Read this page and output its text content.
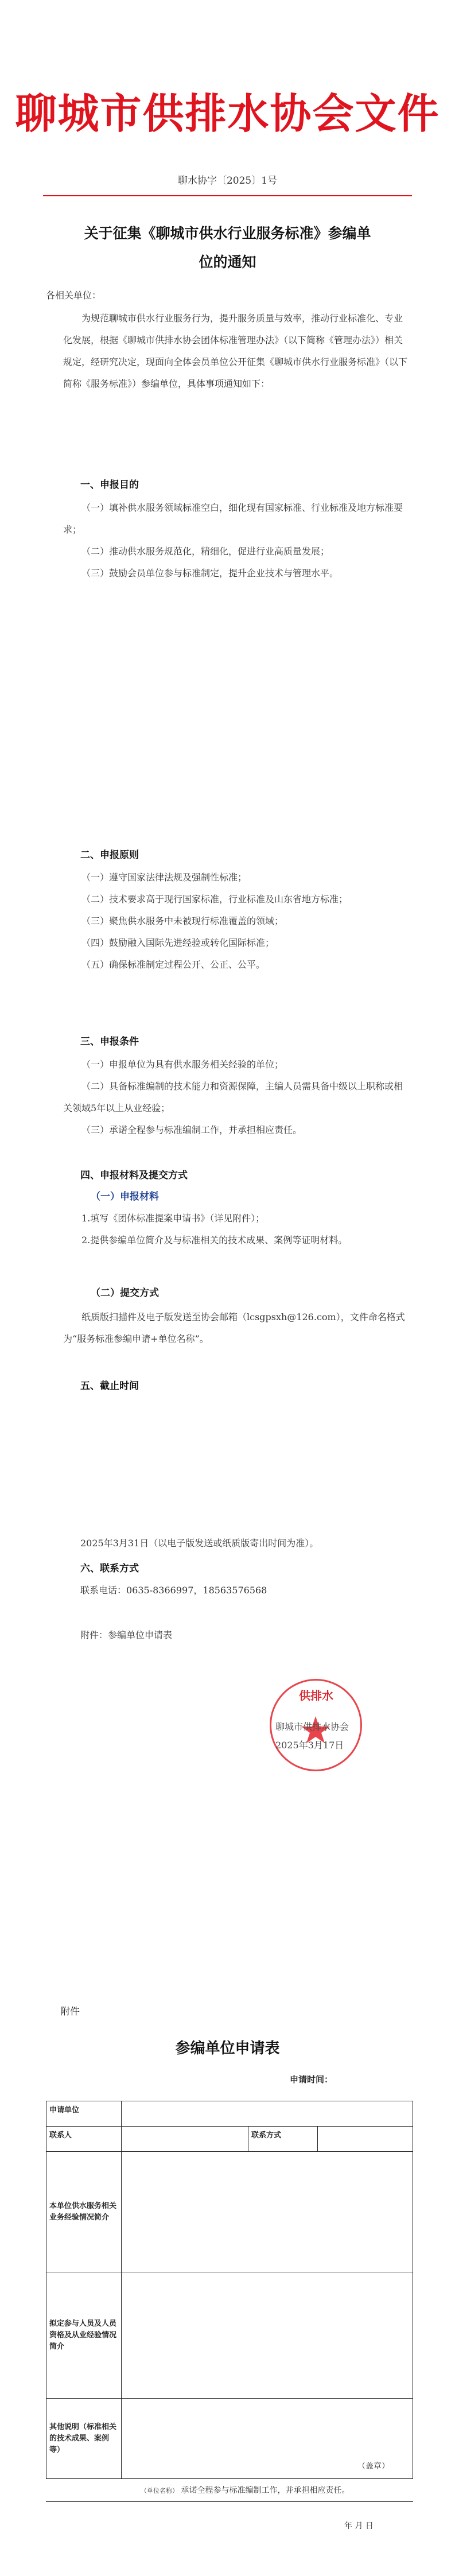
聊城市供排水协会文件
聊水协字〔2025〕1号
关于征集《聊城市供水行业服务标准》参编单
位的通知
各相关单位：
为规范聊城市供水行业服务行为，提升服务质量与效率，推动行业标准化、专业化发展，根据《聊城市供排水协会团体标准管理办法》（以下简称《管理办法》）相关规定，经研究决定，现面向全体会员单位公开征集《聊城市供水行业服务标准》（以下简称《服务标准》）参编单位，具体事项通知如下：
一、申报目的
（一）填补供水服务领域标准空白，细化现有国家标准、行业标准及地方标准要求；
（二）推动供水服务规范化，精细化，促进行业高质量发展；
（三）鼓励会员单位参与标准制定，提升企业技术与管理水平。
二、申报原则
（一）遵守国家法律法规及强制性标准；
（二）技术要求高于现行国家标准，行业标准及山东省地方标准；
（三）聚焦供水服务中未被现行标准覆盖的领域；
（四）鼓励融入国际先进经验或转化国际标准；
（五）确保标准制定过程公开、公正、公平。
三、申报条件
（一）申报单位为具有供水服务相关经验的单位；
（二）具备标准编制的技术能力和资源保障，主编人员需具备中级以上职称或相关领域5年以上从业经验；
（三）承诺全程参与标准编制工作，并承担相应责任。
四、申报材料及提交方式
（一）申报材料
1.填写《团体标准提案申请书》（详见附件）；
2.提供参编单位简介及与标准相关的技术成果、案例等证明材料。
（二）提交方式
纸质版扫描件及电子版发送至协会邮箱（lcsgpsxh@126.com），文件命名格式为“服务标准参编申请+单位名称”。
五、截止时间
2025年3月31日（以电子版发送或纸质版寄出时间为准）。
六、联系方式
联系电话：0635-8366997，18563576568
附件：参编单位申请表
供排水
聊城市供排水协会
2025年3月17日
附件
参编单位申请表
申请时间：
申请单位			
联系人		联系方式	
本单位供水服务相关业务经验情况简介			
拟定参与人员及人员资格及从业经验情况简介			
其他说明（标准相关的技术成果、案例等）	（盖章）		
（单位名称） 承诺全程参与标准编制工作，并承担相应责任。
年 月 日
